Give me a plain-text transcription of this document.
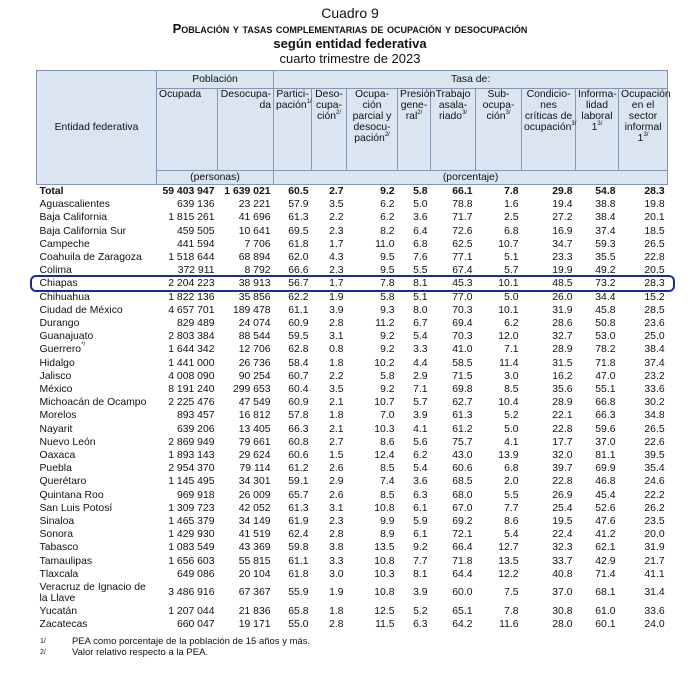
Cuadro 9
Población y tasas complementarias de ocupación y desocupación
según entidad federativa
cuarto trimestre de 2023
Entidad federativa	Población		Tasa de:								
	Ocupada	Desocupa- da	Partici- pación$^{1/}$	Deso- cupa- ción$^{2/}$	Ocupa- ción parcial y desocu- pación$^{2/}$	Presión gene- ral$^{2/}$	Trabajo asala- riado$^{3/}$	Sub- ocupa- ción$^{3/}$	Condicio- nes críticas de ocupación$^{3/}$	Informa- lidad laboral $1^{3/}$	Ocupación en el sector informal $1^{3/}$
	(personas)		(porcentaje)								
Total	59 403 947	1 639 021	60.5	2.7	9.2	5.8	66.1	7.8	29.8	54.8	28.3
Aguascalientes	639 136	23 221	57.9	3.5	6.2	5.0	78.8	1.6	19.4	38.8	19.8
Baja California	1 815 261	41 696	61.3	2.2	6.2	3.6	71.7	2.5	27.2	38.4	20.1
Baja California Sur	459 505	10 641	69.5	2.3	8.2	6.4	72.6	6.8	16.9	37.4	18.5
Campeche	441 594	7 706	61.8	1.7	11.0	6.8	62.5	10.7	34.7	59.3	26.5
Coahuila de Zaragoza	1 518 644	68 894	62.0	4.3	9.5	7.6	77.1	5.1	23.3	35.5	22.8
Colima	372 911	8 792	66.6	2.3	9.5	5.5	67.4	5.7	19.9	49.2	20.5
Chiapas	2 204 223	38 913	56.7	1.7	7.8	8.1	45.3	10.1	48.5	73.2	28.3
Chihuahua	1 822 136	35 856	62.2	1.9	5.8	5.1	77.0	5.0	26.0	34.4	15.2
Ciudad de México	4 657 701	189 478	61.1	3.9	9.3	8.0	70.3	10.1	31.9	45.8	28.5
Durango	829 489	24 074	60.9	2.8	11.2	6.7	69.4	6.2	28.6	50.8	23.6
Guanajuato	2 803 384	88 544	59.5	3.1	9.2	5.4	70.3	12.0	32.7	53.0	25.0
Guerrero*/	1 644 342	12 706	62.8	0.8	9.2	3.3	41.0	7.1	28.9	78.2	38.4
Hidalgo	1 441 000	26 736	58.4	1.8	10.2	4.4	58.5	11.4	31.5	71.8	37.4
Jalisco	4 008 090	90 254	60.7	2.2	5.8	2.9	71.5	3.0	16.2	47.0	23.2
México	8 191 240	299 653	60.4	3.5	9.2	7.1	69.8	8.5	35.6	55.1	33.6
Michoacán de Ocampo	2 225 476	47 549	60.9	2.1	10.7	5.7	62.7	10.4	28.9	66.8	30.2
Morelos	893 457	16 812	57.8	1.8	7.0	3.9	61.3	5.2	22.1	66.3	34.8
Nayarit	639 206	13 405	66.3	2.1	10.3	4.1	61.2	5.0	22.8	59.6	26.5
Nuevo León	2 869 949	79 661	60.8	2.7	8.6	5.6	75.7	4.1	17.7	37.0	22.6
Oaxaca	1 893 143	29 624	60.6	1.5	12.4	6.2	43.0	13.9	32.0	81.1	39.5
Puebla	2 954 370	79 114	61.2	2.6	8.5	5.4	60.6	6.8	39.7	69.9	35.4
Querétaro	1 145 495	34 301	59.1	2.9	7.4	3.6	68.5	2.0	22.8	46.8	24.6
Quintana Roo	969 918	26 009	65.7	2.6	8.5	6.3	68.0	5.5	26.9	45.4	22.2
San Luis Potosí	1 309 723	42 052	61.3	3.1	10.8	6.1	67.0	7.7	25.4	52.6	26.2
Sinaloa	1 465 379	34 149	61.9	2.3	9.9	5.9	69.2	8.6	19.5	47.6	23.5
Sonora	1 429 930	41 519	62.4	2.8	8.9	6.1	72.1	5.4	22.4	41.2	20.0
Tabasco	1 083 549	43 369	59.8	3.8	13.5	9.2	66.4	12.7	32.3	62.1	31.9
Tamaulipas	1 656 603	55 815	61.1	3.3	10.8	7.7	71.8	13.5	33.7	42.9	21.7
Tlaxcala	649 086	20 104	61.8	3.0	10.3	8.1	64.4	12.2	40.8	71.4	41.1
Veracruz de Ignacio de la Llave	3 486 916	67 367	55.9	1.9	10.8	3.9	60.0	7.5	37.0	68.1	31.4
Yucatán	1 207 044	21 836	65.8	1.8	12.5	5.2	65.1	7.8	30.8	61.0	33.6
Zacatecas	660 047	19 171	55.0	2.8	11.5	6.3	64.2	11.6	28.0	60.1	24.0
1/	PEA como porcentaje de la población de 15 años y más.
2/	Valor relativo respecto a la PEA.
